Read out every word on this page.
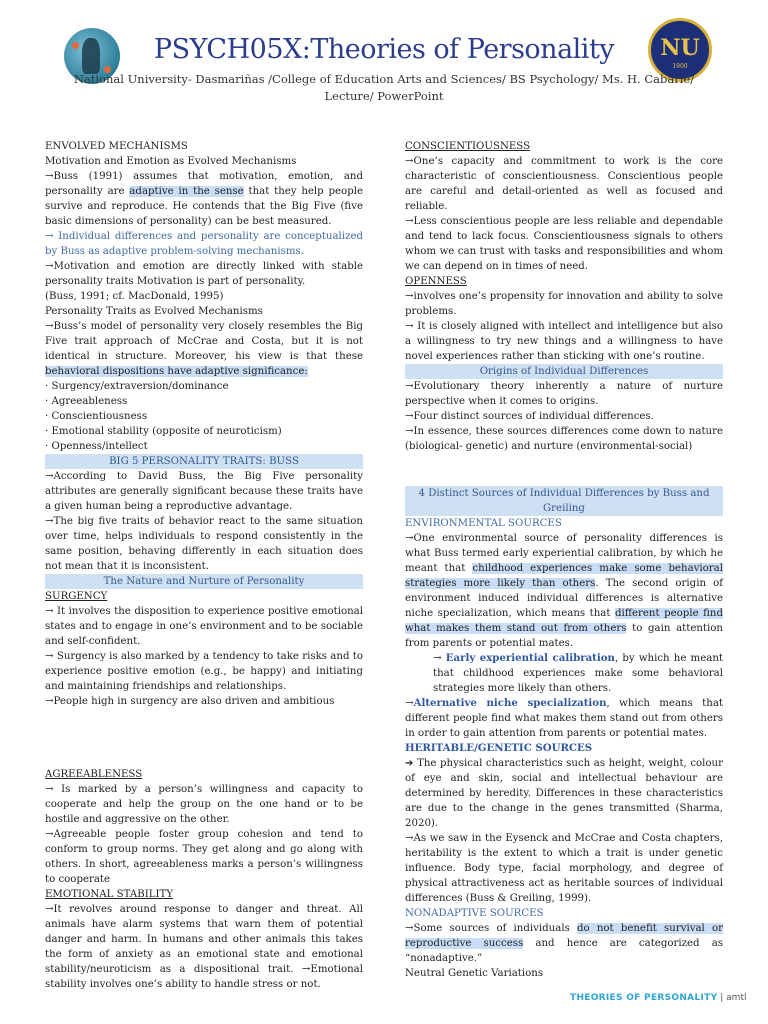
PSYCH05X:Theories of Personality	NU
1900
National University- Dasmariñas /College of Education Arts and Sciences/ BS Psychology/ Ms. H. Cabarle/ Lecture/ PowerPoint

ENVOLVED MECHANISMS

Motivation and Emotion as Evolved Mechanisms

→Buss (1991) assumes that motivation, emotion, and personality are adaptive in the sense that they help people survive and reproduce. He contends that the Big Five (five basic dimensions of personality) can be best measured.

→ Individual differences and personality are conceptualized by Buss as adaptive problem-solving mechanisms.

→Motivation and emotion are directly linked with stable personality traits Motivation is part of personality.

(Buss, 1991; cf. MacDonald, 1995)

Personality Traits as Evolved Mechanisms

→Buss’s model of personality very closely resembles the Big Five trait approach of McCrae and Costa, but it is not identical in structure. Moreover, his view is that these behavioral dispositions have adaptive significance:

· Surgency/extraversion/dominance

· Agreeableness

· Conscientiousness

· Emotional stability (opposite of neuroticism)

· Openness/intellect

BIG 5 PERSONALITY TRAITS: BUSS

→According to David Buss, the Big Five personality attributes are generally significant because these traits have a given human being a reproductive advantage.

→The big five traits of behavior react to the same situation over time, helps individuals to respond consistently in the same position, behaving differently in each situation does not mean that it is inconsistent.

The Nature and Nurture of Personality

SURGENCY

→ It involves the disposition to experience positive emotional states and to engage in one’s environment and to be sociable and self-confident.

→ Surgency is also marked by a tendency to take risks and to experience positive emotion (e.g., be happy) and initiating and maintaining friendships and relationships.

→People high in surgency are also driven and ambitious

AGREEABLENESS

→ Is marked by a person’s willingness and capacity to cooperate and help the group on the one hand or to be hostile and aggressive on the other.

→Agreeable people foster group cohesion and tend to conform to group norms. They get along and go along with others. In short, agreeableness marks a person’s willingness to cooperate

EMOTIONAL STABILITY

→It revolves around response to danger and threat. All animals have alarm systems that warn them of potential danger and harm. In humans and other animals this takes the form of anxiety as an emotional state and emotional stability/neuroticism as a dispositional trait. →Emotional stability involves one’s ability to handle stress or not.

CONSCIENTIOUSNESS

→One’s capacity and commitment to work is the core characteristic of conscientiousness. Conscientious people are careful and detail-oriented as well as focused and reliable.

→Less conscientious people are less reliable and dependable and tend to lack focus. Conscientiousness signals to others whom we can trust with tasks and responsibilities and whom we can depend on in times of need.

OPENNESS

→involves one’s propensity for innovation and ability to solve problems.

→ It is closely aligned with intellect and intelligence but also a willingness to try new things and a willingness to have novel experiences rather than sticking with one’s routine.

Origins of Individual Differences

→Evolutionary theory inherently a nature of nurture perspective when it comes to origins.

→Four distinct sources of individual differences.

→In essence, these sources differences come down to nature (biological- genetic) and nurture (environmental-social)

4 Distinct Sources of Individual Differences by Buss and Greiling

ENVIRONMENTAL SOURCES

→One environmental source of personality differences is what Buss termed early experiential calibration, by which he meant that childhood experiences make some behavioral strategies more likely than others. The second origin of environment induced individual differences is alternative niche specialization, which means that different people find what makes them stand out from others to gain attention from parents or potential mates.

→ Early experiential calibration, by which he meant that childhood experiences make some behavioral strategies more likely than others.

→Alternative niche specialization, which means that different people find what makes them stand out from others in order to gain attention from parents or potential mates.

HERITABLE/GENETIC SOURCES

➔ The physical characteristics such as height, weight, colour of eye and skin, social and intellectual behaviour are determined by heredity. Differences in these characteristics are due to the change in the genes transmitted (Sharma, 2020).

→As we saw in the Eysenck and McCrae and Costa chapters, heritability is the extent to which a trait is under genetic influence. Body type, facial morphology, and degree of physical attractiveness act as heritable sources of individual differences (Buss & Greiling, 1999).

NONADAPTIVE SOURCES

→Some sources of individuals do not benefit survival or reproductive success and hence are categorized as “nonadaptive.”

Neutral Genetic Variations

THEORIES OF PERSONALITY | amtl
